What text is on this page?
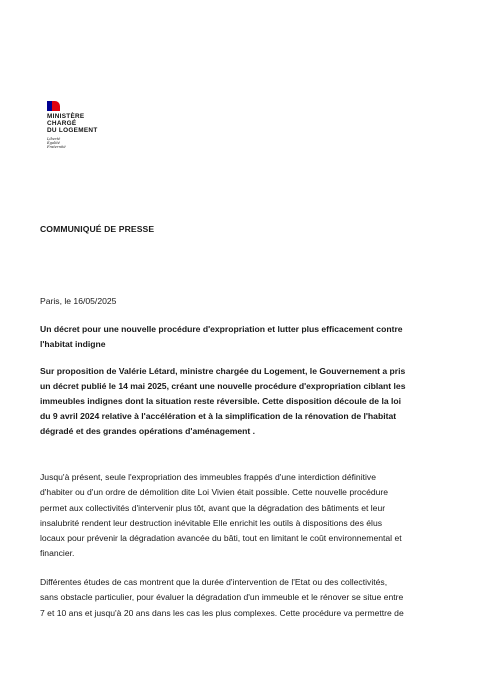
MINISTÈRE
CHARGÉ
DU LOGEMENT
Liberté
Égalité
Fraternité
COMMUNIQUÉ DE PRESSE
Paris, le 16/05/2025
Un décret pour une nouvelle procédure d'expropriation et lutter plus efficacement contre
l'habitat indigne
Sur proposition de Valérie Létard, ministre chargée du Logement, le Gouvernement a pris
un décret publié le 14 mai 2025, créant une nouvelle procédure d'expropriation ciblant les
immeubles indignes dont la situation reste réversible. Cette disposition découle de la loi
du 9 avril 2024 relative à l'accélération et à la simplification de la rénovation de l'habitat
dégradé et des grandes opérations d'aménagement .
Jusqu'à présent, seule l'expropriation des immeubles frappés d'une interdiction définitive
d'habiter ou d'un ordre de démolition dite Loi Vivien était possible. Cette nouvelle procédure
permet aux collectivités d'intervenir plus tôt, avant que la dégradation des bâtiments et leur
insalubrité rendent leur destruction inévitable Elle enrichit les outils à dispositions des élus
locaux pour prévenir la dégradation avancée du bâti, tout en limitant le coût environnemental et
financier.
Différentes études de cas montrent que la durée d'intervention de l'Etat ou des collectivités,
sans obstacle particulier, pour évaluer la dégradation d'un immeuble et le rénover se situe entre
7 et 10 ans et jusqu'à 20 ans dans les cas les plus complexes. Cette procédure va permettre de
